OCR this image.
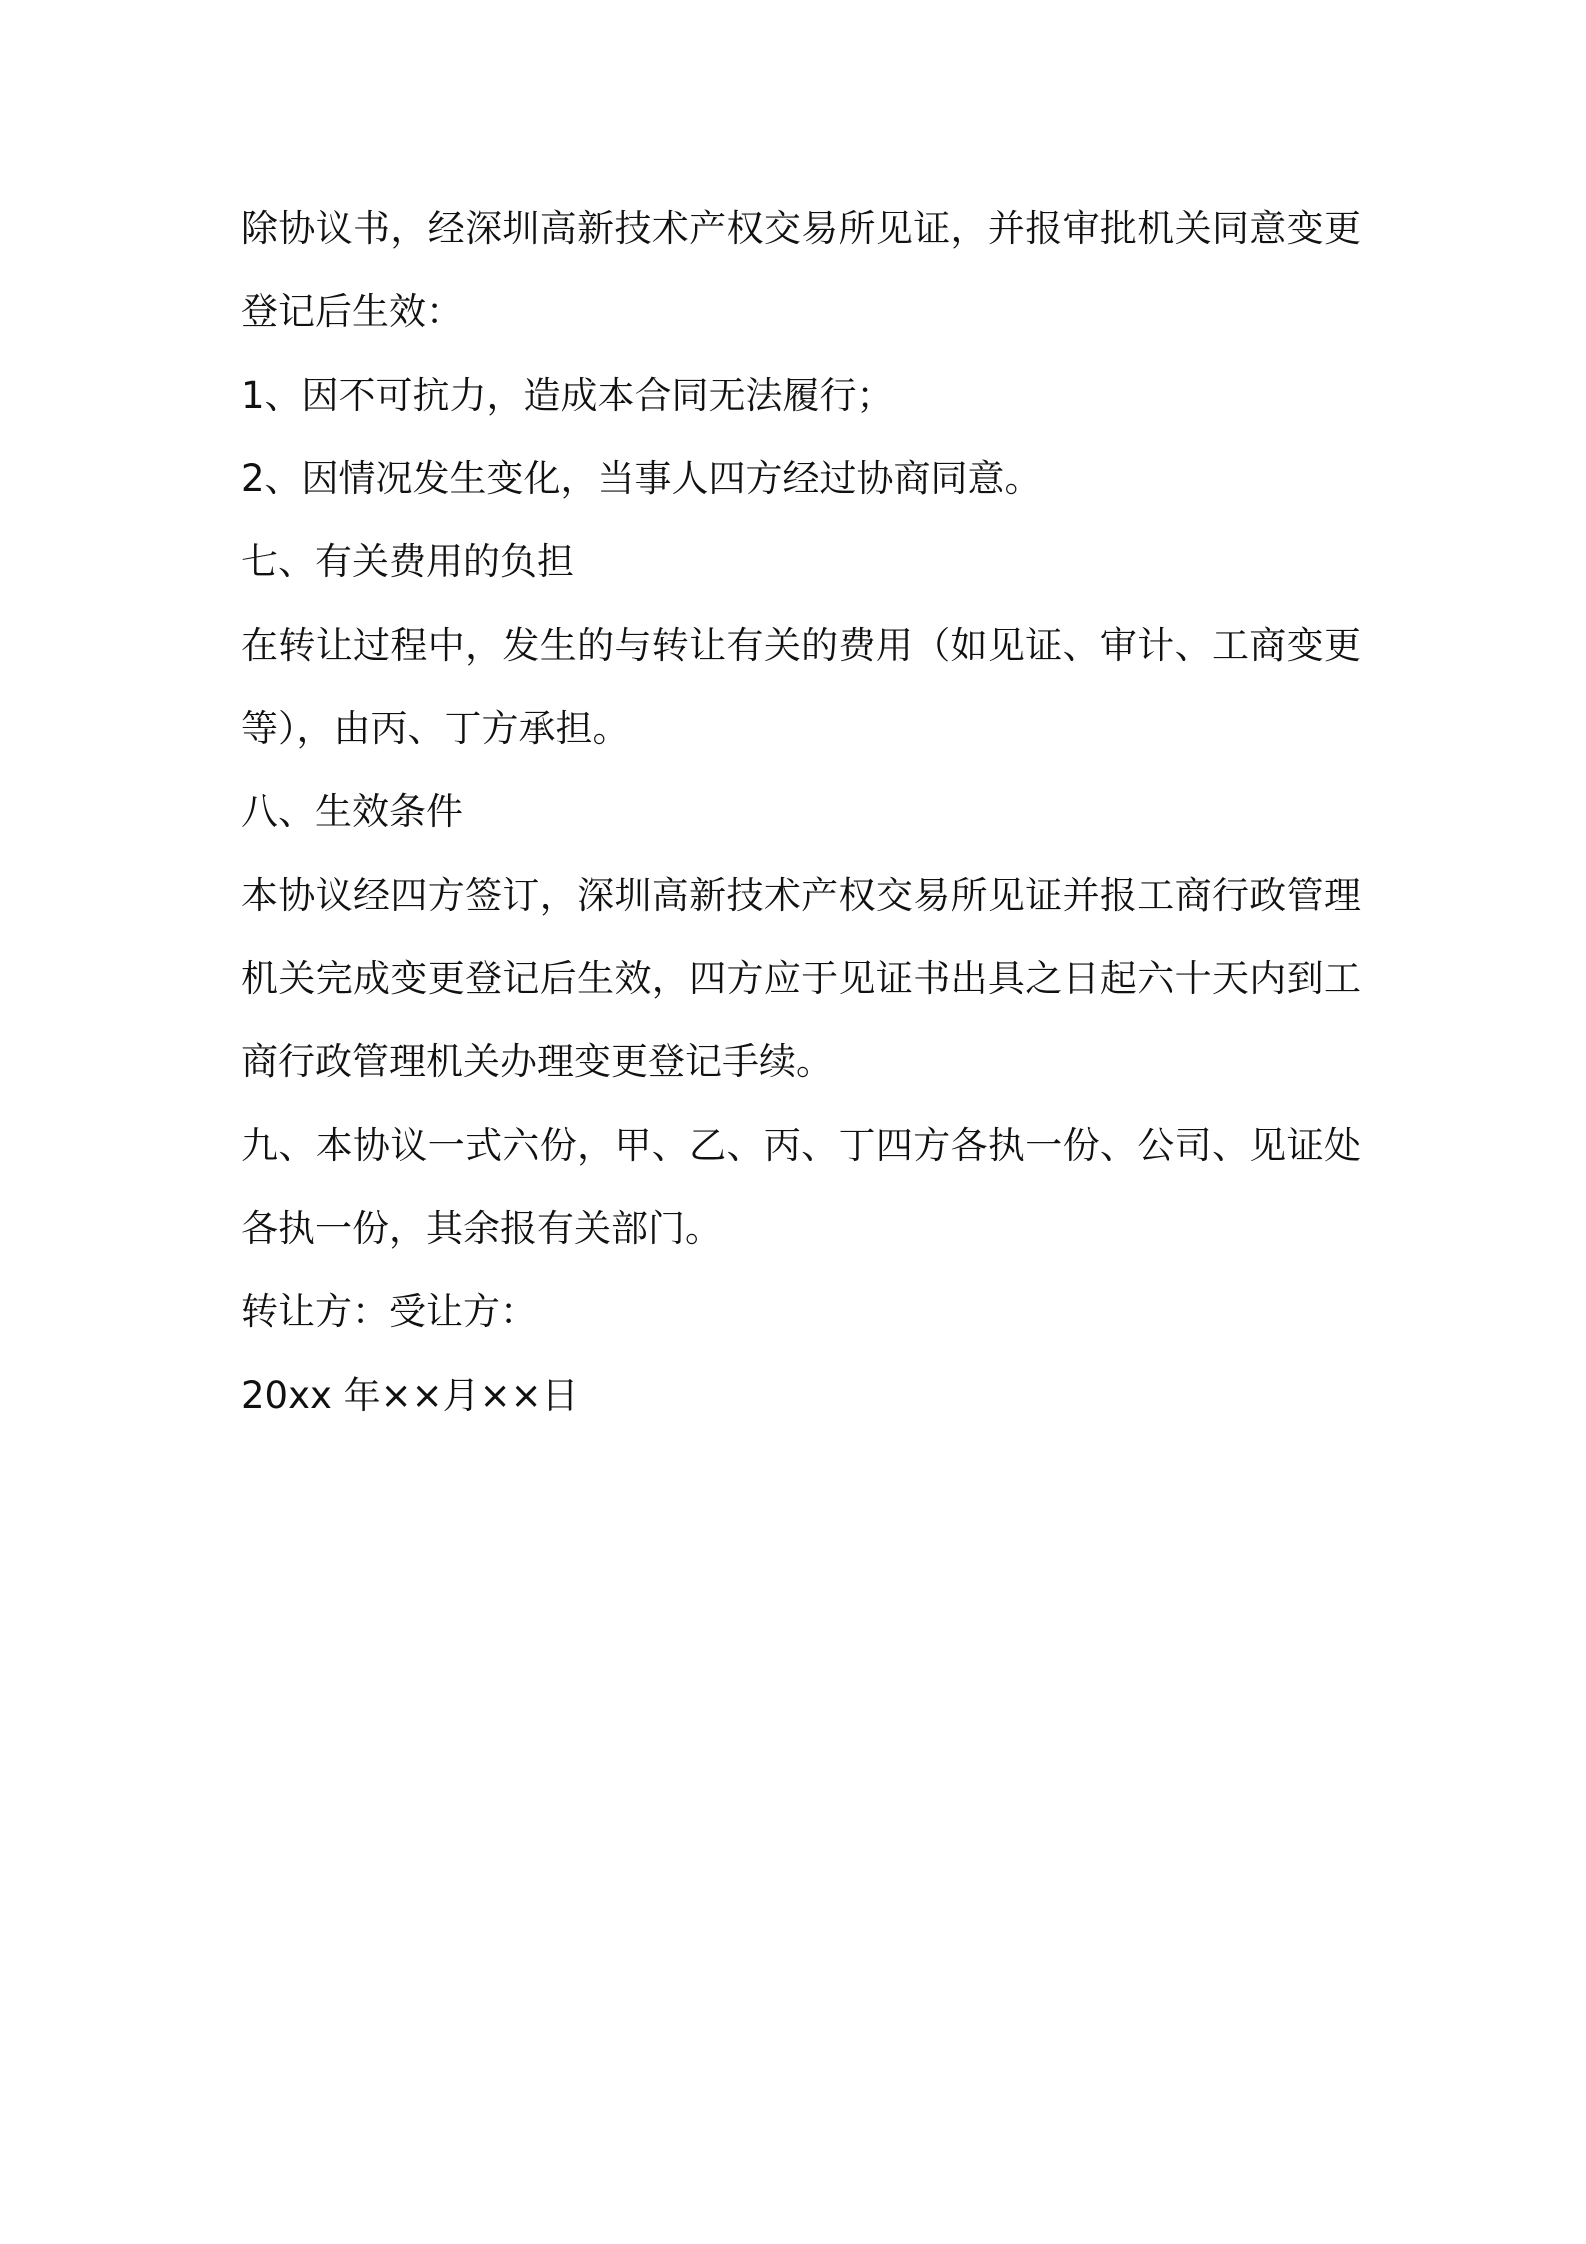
除协议书，经深圳高新技术产权交易所见证，并报审批机关同意变更
登记后生效：
1、因不可抗力，造成本合同无法履行；
2、因情况发生变化，当事人四方经过协商同意。
七、有关费用的负担
在转让过程中，发生的与转让有关的费用（如见证、审计、工商变更
等），由丙、丁方承担。
八、生效条件
本协议经四方签订，深圳高新技术产权交易所见证并报工商行政管理
机关完成变更登记后生效，四方应于见证书出具之日起六十天内到工
商行政管理机关办理变更登记手续。
九、本协议一式六份，甲、乙、丙、丁四方各执一份、公司、见证处
各执一份，其余报有关部门。
转让方：受让方：
20xx 年××月××日
